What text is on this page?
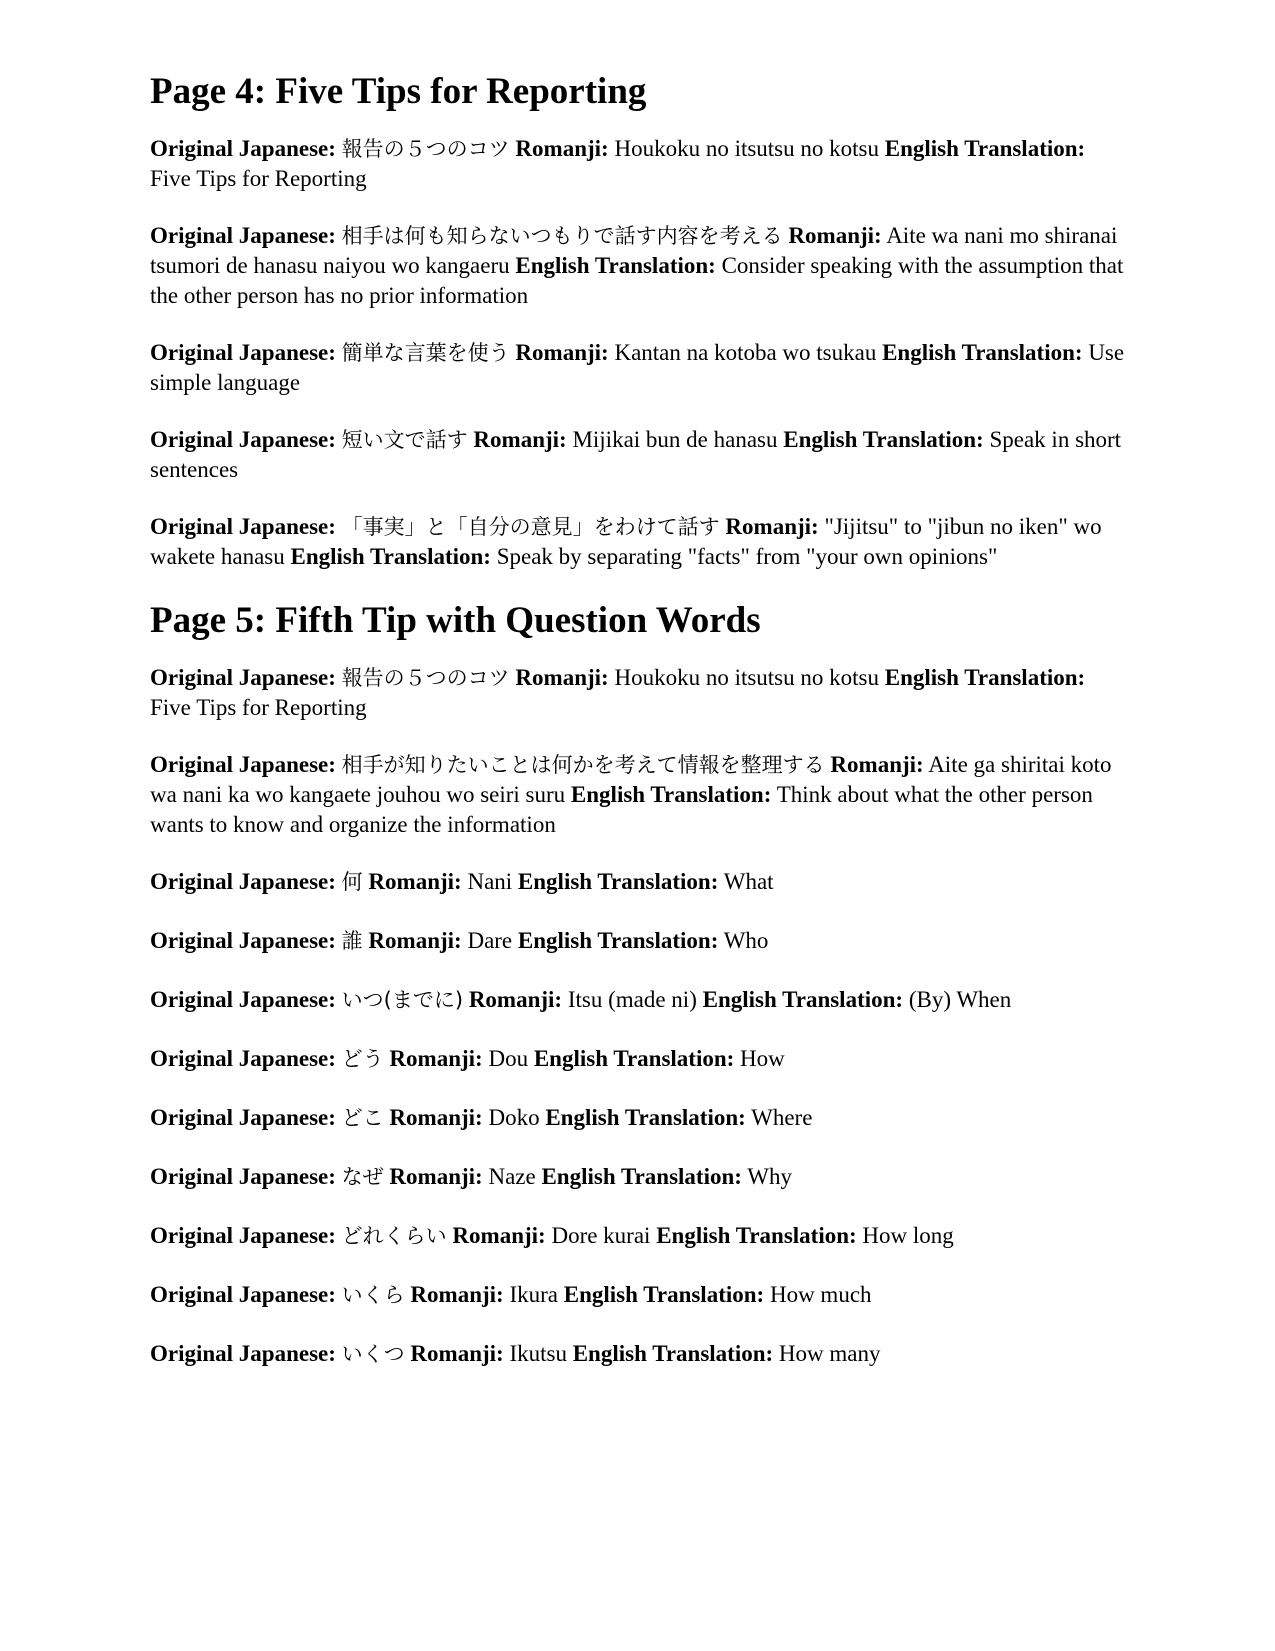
Page 4: Five Tips for Reporting

Original Japanese: 報告の５つのコツ Romanji: Houkoku no itsutsu no kotsu English Translation: Five Tips for Reporting

Original Japanese: 相手は何も知らないつもりで話す内容を考える Romanji: Aite wa nani mo shiranai tsumori de hanasu naiyou wo kangaeru English Translation: Consider speaking with the assumption that the other person has no prior information

Original Japanese: 簡単な言葉を使う Romanji: Kantan na kotoba wo tsukau English Translation: Use simple language

Original Japanese: 短い文で話す Romanji: Mijikai bun de hanasu English Translation: Speak in short sentences

Original Japanese: 「事実」と「自分の意見」をわけて話す Romanji: "Jijitsu" to "jibun no iken" wo wakete hanasu English Translation: Speak by separating "facts" from "your own opinions"

Page 5: Fifth Tip with Question Words

Original Japanese: 報告の５つのコツ Romanji: Houkoku no itsutsu no kotsu English Translation: Five Tips for Reporting

Original Japanese: 相手が知りたいことは何かを考えて情報を整理する Romanji: Aite ga shiritai koto wa nani ka wo kangaete jouhou wo seiri suru English Translation: Think about what the other person wants to know and organize the information

Original Japanese: 何 Romanji: Nani English Translation: What

Original Japanese: 誰 Romanji: Dare English Translation: Who

Original Japanese: いつ(までに) Romanji: Itsu (made ni) English Translation: (By) When

Original Japanese: どう Romanji: Dou English Translation: How

Original Japanese: どこ Romanji: Doko English Translation: Where

Original Japanese: なぜ Romanji: Naze English Translation: Why

Original Japanese: どれくらい Romanji: Dore kurai English Translation: How long

Original Japanese: いくら Romanji: Ikura English Translation: How much

Original Japanese: いくつ Romanji: Ikutsu English Translation: How many
